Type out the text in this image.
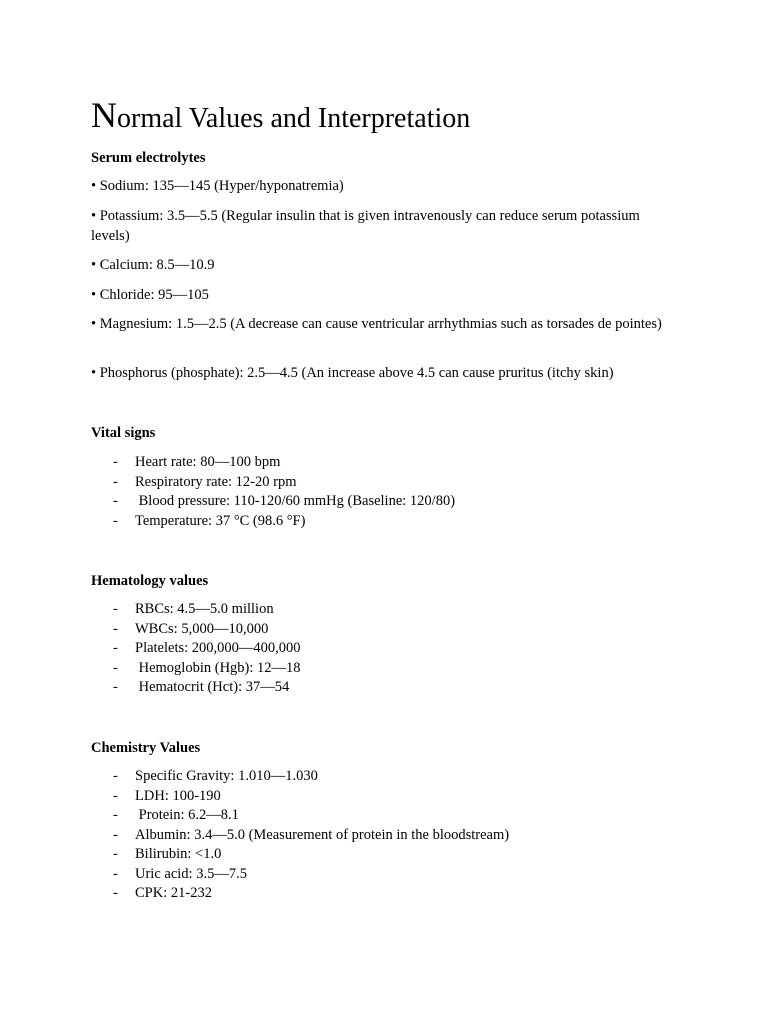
Normal Values and Interpretation
Serum electrolytes

• Sodium: 135—145 (Hyper/hyponatremia)

• Potassium: 3.5—5.5 (Regular insulin that is given intravenously can reduce serum potassium levels)

• Calcium: 8.5—10.9

• Chloride: 95—105

• Magnesium: 1.5—2.5 (A decrease can cause ventricular arrhythmias such as torsades de pointes)

• Phosphorus (phosphate): 2.5—4.5 (An increase above 4.5 can cause pruritus (itchy skin)

Vital signs
- Heart rate: 80—100 bpm
- Respiratory rate: 12-20 rpm
- Blood pressure: 110-120/60 mmHg (Baseline: 120/80)
- Temperature: 37 °C (98.6 °F)
Hematology values
- RBCs: 4.5—5.0 million
- WBCs: 5,000—10,000
- Platelets: 200,000—400,000
- Hemoglobin (Hgb): 12—18
- Hematocrit (Hct): 37—54
Chemistry Values
- Specific Gravity: 1.010—1.030
- LDH: 100-190
- Protein: 6.2—8.1
- Albumin: 3.4—5.0 (Measurement of protein in the bloodstream)
- Bilirubin: <1.0
- Uric acid: 3.5—7.5
- CPK: 21-232
